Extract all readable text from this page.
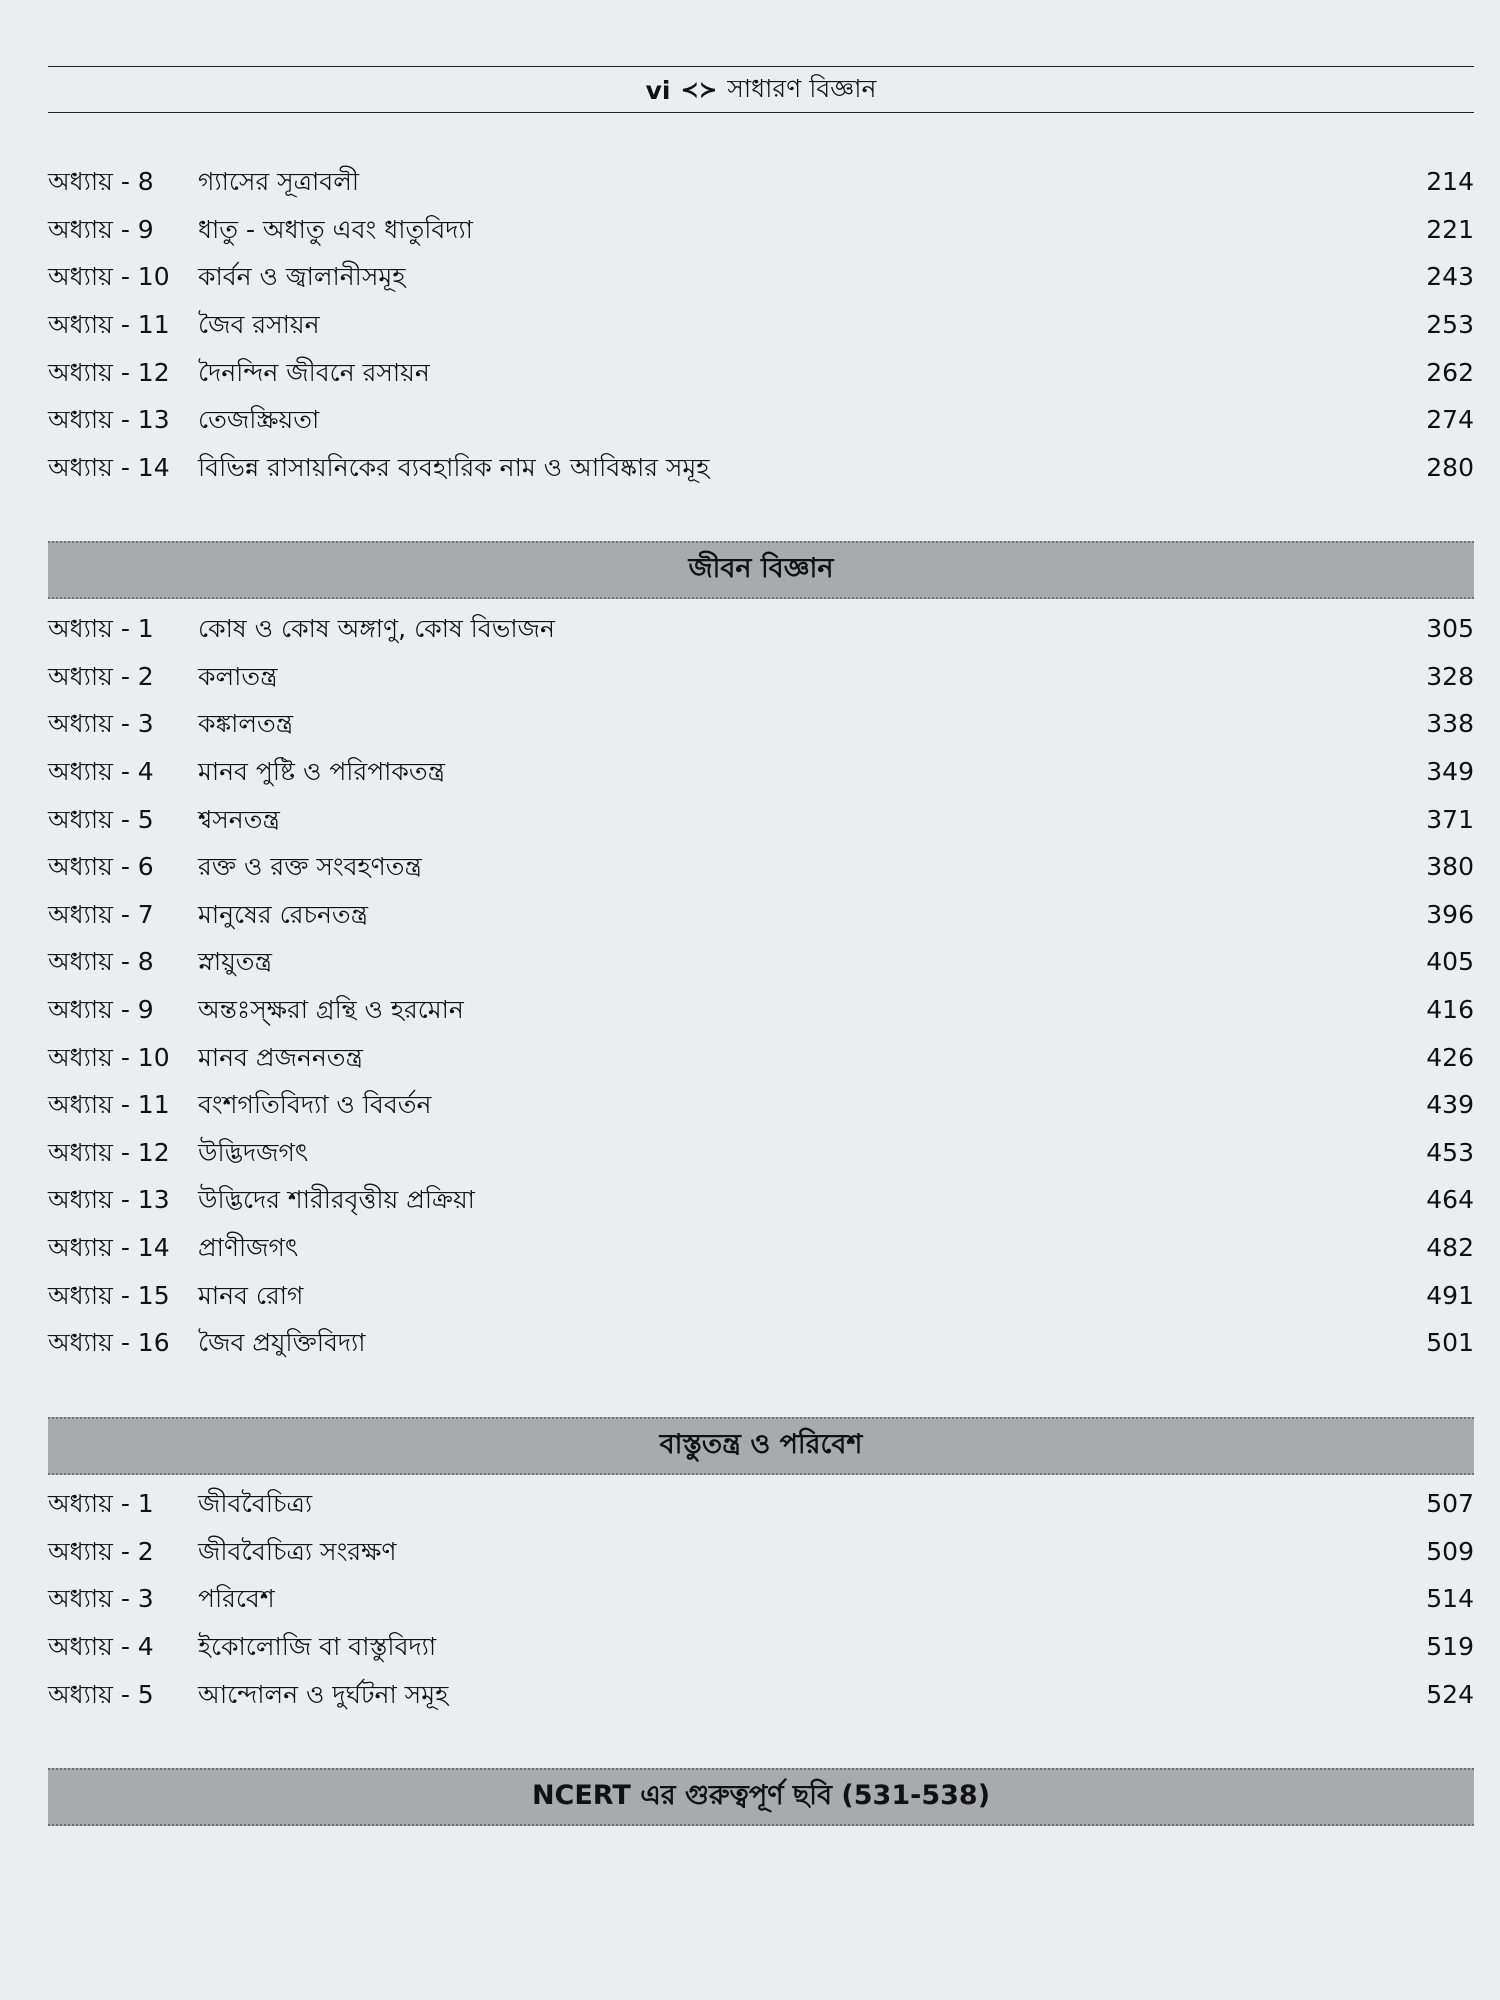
vi ≺≻ সাধারণ বিজ্ঞান
অধ্যায় - 8	গ্যাসের সূত্রাবলী	214
অধ্যায় - 9	ধাতু - অধাতু এবং ধাতুবিদ্যা	221
অধ্যায় - 10	কার্বন ও জ্বালানীসমূহ	243
অধ্যায় - 11	জৈব রসায়ন	253
অধ্যায় - 12	দৈনন্দিন জীবনে রসায়ন	262
অধ্যায় - 13	তেজস্ক্রিয়তা	274
অধ্যায় - 14	বিভিন্ন রাসায়নিকের ব্যবহারিক নাম ও আবিষ্কার সমূহ	280
জীবন বিজ্ঞান
অধ্যায় - 1	কোষ ও কোষ অঙ্গাণু, কোষ বিভাজন	305
অধ্যায় - 2	কলাতন্ত্র	328
অধ্যায় - 3	কঙ্কালতন্ত্র	338
অধ্যায় - 4	মানব পুষ্টি ও পরিপাকতন্ত্র	349
অধ্যায় - 5	শ্বসনতন্ত্র	371
অধ্যায় - 6	রক্ত ও রক্ত সংবহণতন্ত্র	380
অধ্যায় - 7	মানুষের রেচনতন্ত্র	396
অধ্যায় - 8	স্নায়ুতন্ত্র	405
অধ্যায় - 9	অন্তঃস্ক্ষরা গ্রন্থি ও হরমোন	416
অধ্যায় - 10	মানব প্রজননতন্ত্র	426
অধ্যায় - 11	বংশগতিবিদ্যা ও বিবর্তন	439
অধ্যায় - 12	উদ্ভিদজগৎ	453
অধ্যায় - 13	উদ্ভিদের শারীরবৃত্তীয় প্রক্রিয়া	464
অধ্যায় - 14	প্রাণীজগৎ	482
অধ্যায় - 15	মানব রোগ	491
অধ্যায় - 16	জৈব প্রযুক্তিবিদ্যা	501
বাস্তুতন্ত্র ও পরিবেশ
অধ্যায় - 1	জীববৈচিত্র্য	507
অধ্যায় - 2	জীববৈচিত্র্য সংরক্ষণ	509
অধ্যায় - 3	পরিবেশ	514
অধ্যায় - 4	ইকোলোজি বা বাস্তুবিদ্যা	519
অধ্যায় - 5	আন্দোলন ও দুর্ঘটনা সমূহ	524
NCERT এর গুরুত্বপূর্ণ ছবি (531-538)
